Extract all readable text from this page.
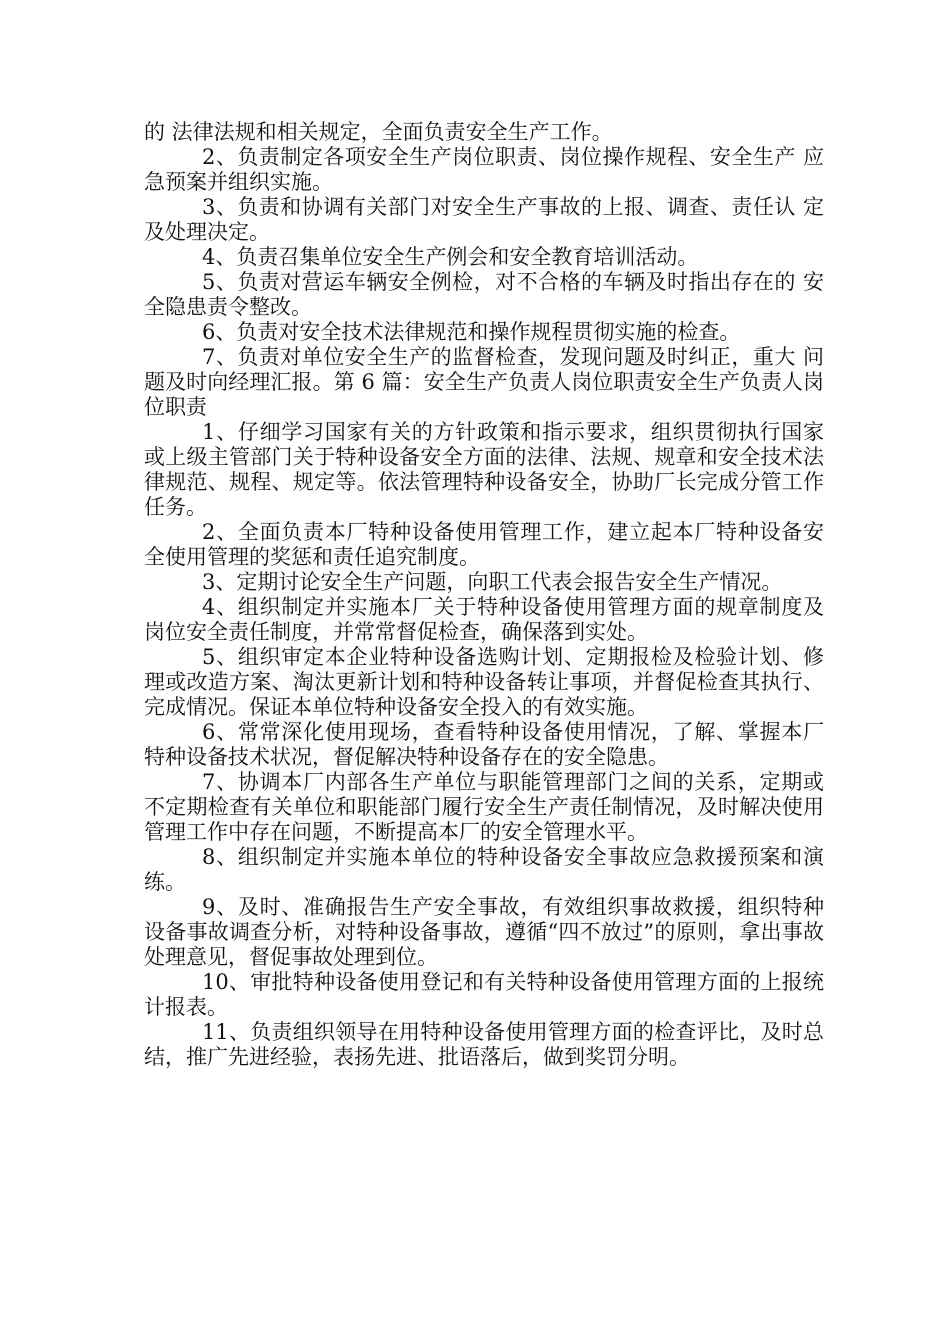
的 法律法规和相关规定，全面负责安全生产工作。

2、负责制定各项安全生产岗位职责、岗位操作规程、安全生产 应急预案并组织实施。

3、负责和协调有关部门对安全生产事故的上报、调查、责任认 定及处理决定。

4、负责召集单位安全生产例会和安全教育培训活动。

5、负责对营运车辆安全例检，对不合格的车辆及时指出存在的 安全隐患责令整改。

6、负责对安全技术法律规范和操作规程贯彻实施的检查。

7、负责对单位安全生产的监督检查，发现问题及时纠正，重大 问题及时向经理汇报。第 6 篇：安全生产负责人岗位职责安全生产负责人岗位职责

1、仔细学习国家有关的方针政策和指示要求，组织贯彻执行国家或上级主管部门关于特种设备安全方面的法律、法规、规章和安全技术法律规范、规程、规定等。依法管理特种设备安全，协助厂长完成分管工作任务。

2、全面负责本厂特种设备使用管理工作，建立起本厂特种设备安全使用管理的奖惩和责任追究制度。

3、定期讨论安全生产问题，向职工代表会报告安全生产情况。

4、组织制定并实施本厂关于特种设备使用管理方面的规章制度及岗位安全责任制度，并常常督促检查，确保落到实处。

5、组织审定本企业特种设备选购计划、定期报检及检验计划、修理或改造方案、淘汰更新计划和特种设备转让事项，并督促检查其执行、完成情况。保证本单位特种设备安全投入的有效实施。

6、常常深化使用现场，查看特种设备使用情况，了解、掌握本厂特种设备技术状况，督促解决特种设备存在的安全隐患。

7、协调本厂内部各生产单位与职能管理部门之间的关系，定期或不定期检查有关单位和职能部门履行安全生产责任制情况，及时解决使用管理工作中存在问题，不断提高本厂的安全管理水平。

8、组织制定并实施本单位的特种设备安全事故应急救援预案和演练。

9、及时、准确报告生产安全事故，有效组织事故救援，组织特种设备事故调查分析，对特种设备事故，遵循“四不放过”的原则，拿出事故处理意见，督促事故处理到位。

10、审批特种设备使用登记和有关特种设备使用管理方面的上报统计报表。

11、负责组织领导在用特种设备使用管理方面的检查评比，及时总结，推广先进经验，表扬先进、批语落后，做到奖罚分明。
